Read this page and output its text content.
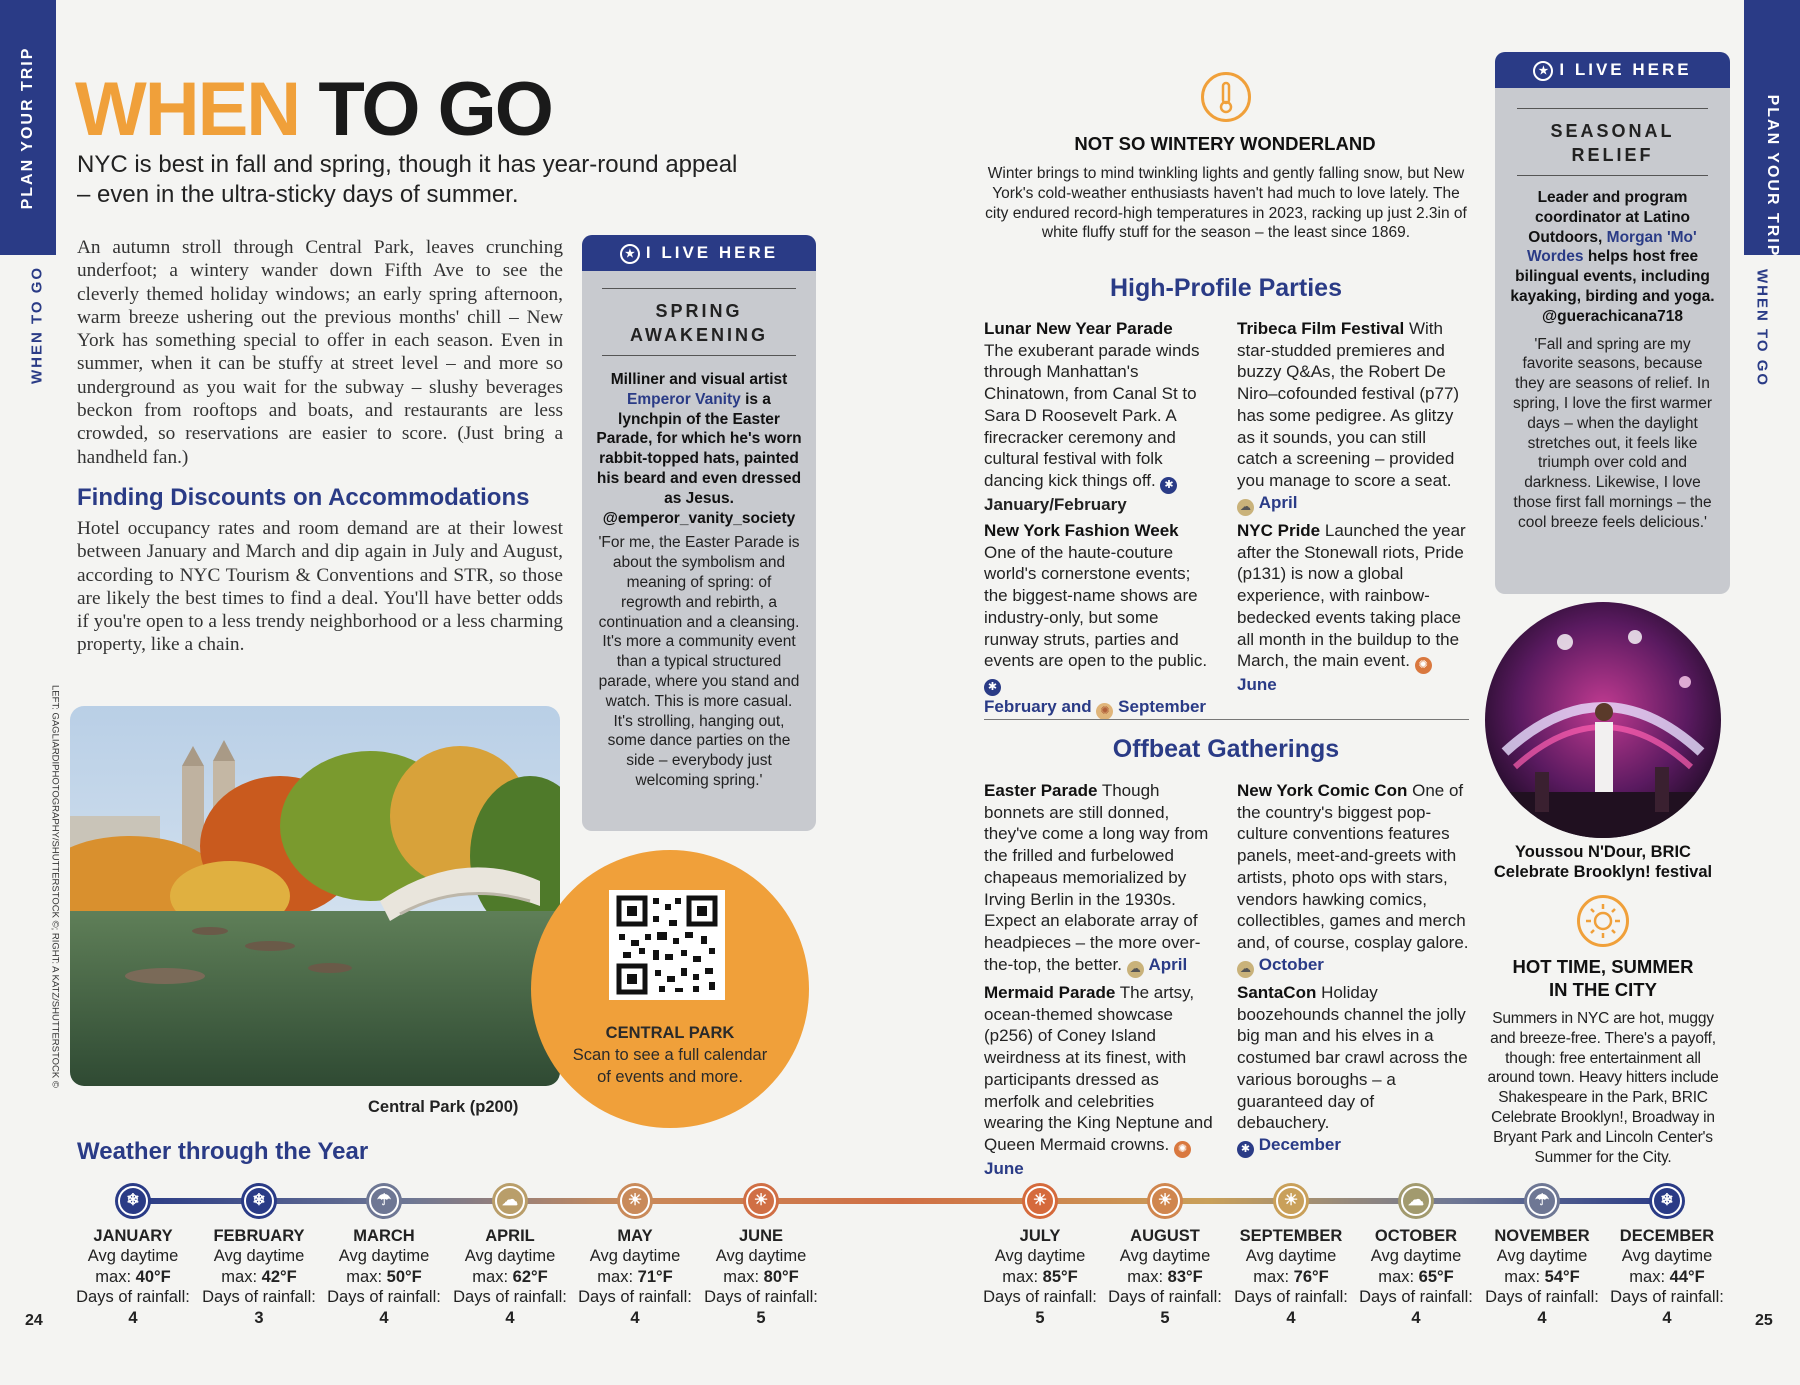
PLAN YOUR TRIP
WHEN TO GO
PLAN YOUR TRIP
WHEN TO GO
WHEN TO GO
NYC is best in fall and spring, though it has year-round appeal – even in the ultra-sticky days of summer.
An autumn stroll through Central Park, leaves crunching underfoot; a wintery wander down Fifth Ave to see the cleverly themed holiday windows; an early spring afternoon, warm breeze ushering out the previous months' chill – New York has something special to offer in each season. Even in summer, when it can be stuffy at street level – and more so underground as you wait for the subway – slushy beverages beckon from rooftops and boats, and restaurants are less crowded, so reservations are easier to score. (Just bring a handheld fan.)
Finding Discounts on Accommodations
Hotel occupancy rates and room demand are at their lowest between January and March and dip again in July and August, according to NYC Tourism & Conventions and STR, so those are likely the best times to find a deal. You'll have better odds if you're open to a less trendy neighborhood or a less charming property, like a chain.
LEFT: GAGLIARDIPHOTOGRAPHY/SHUTTERSTOCK ©; RIGHT: A KATZ/SHUTTERSTOCK ©
Central Park (p200)
CENTRAL PARK
Scan to see a full calendar of events and more.
★ I LIVE HERE
SPRING
AWAKENING
Milliner and visual artist Emperor Vanity is a lynchpin of the Easter Parade, for which he's worn rabbit-topped hats, painted his beard and even dressed as Jesus. @emperor_vanity_society
'For me, the Easter Parade is about the symbolism and meaning of spring: of regrowth and rebirth, a continuation and a cleansing. It's more a community event than a typical structured parade, where you stand and watch. This is more casual. It's strolling, hanging out, some dance parties on the side – everybody just welcoming spring.'
NOT SO WINTERY WONDERLAND
Winter brings to mind twinkling lights and gently falling snow, but New York's cold-weather enthusiasts haven't had much to love lately. The city endured record-high temperatures in 2023, racking up just 2.3in of white fluffy stuff for the season – the least since 1869.
High-Profile Parties

Lunar New Year Parade

The exuberant parade winds through Manhattan's Chinatown, from Canal St to Sara D Roosevelt Park. A firecracker ceremony and cultural festival with folk dancing kick things off. ✱

January/February

Tribeca Film Festival With star-studded premieres and buzzy Q&As, the Robert De Niro–cofounded festival (p77) has some pedigree. As glitzy as it sounds, you can still catch a screening – provided you manage to score a seat.

☁ April

New York Fashion Week

One of the haute-couture world's cornerstone events; the biggest-name shows are industry-only, but some runway struts, parties and events are open to the public. ✱

February and ✺ September

NYC Pride Launched the year after the Stonewall riots, Pride (p131) is now a global experience, with rainbow-bedecked events taking place all month in the buildup to the March, the main event. ✺ June

Offbeat Gatherings

Easter Parade Though bonnets are still donned, they've come a long way from the frilled and furbelowed chapeaus memorialized by Irving Berlin in the 1930s. Expect an elaborate array of headpieces – the more over-the-top, the better. ☁ April

New York Comic Con One of the country's biggest pop-culture conventions features panels, meet-and-greets with artists, photo ops with stars, vendors hawking comics, collectibles, games and merch and, of course, cosplay galore.

☁ October

Mermaid Parade The artsy, ocean-themed showcase (p256) of Coney Island weirdness at its finest, with participants dressed as merfolk and celebrities wearing the King Neptune and Queen Mermaid crowns. ✺ June

SantaCon Holiday boozehounds channel the jolly big man and his elves in a costumed bar crawl across the various boroughs – a guaranteed day of debauchery.

✱ December

★ I LIVE HERE
SEASONAL
RELIEF
Leader and program coordinator at Latino Outdoors, Morgan 'Mo' Wordes helps host free bilingual events, including kayaking, birding and yoga. @guerachicana718
'Fall and spring are my favorite seasons, because they are seasons of relief. In spring, I love the first warmer days – when the daylight stretches out, it feels like triumph over cold and darkness. Likewise, I love those first fall mornings – the cool breeze feels delicious.'
Youssou N'Dour, BRIC Celebrate Brooklyn! festival
HOT TIME, SUMMER
IN THE CITY
Summers in NYC are hot, muggy and breeze-free. There's a payoff, though: free entertainment all around town. Heavy hitters include Shakespeare in the Park, BRIC Celebrate Brooklyn!, Broadway in Bryant Park and Lincoln Center's Summer for the City.
Weather through the Year
❄
JANUARY
Avg daytime
max: 40°F
Days of rainfall:
4
❄
FEBRUARY
Avg daytime
max: 42°F
Days of rainfall:
3
☂
MARCH
Avg daytime
max: 50°F
Days of rainfall:
4
☁
APRIL
Avg daytime
max: 62°F
Days of rainfall:
4
☀
MAY
Avg daytime
max: 71°F
Days of rainfall:
4
☀
JUNE
Avg daytime
max: 80°F
Days of rainfall:
5
☀
JULY
Avg daytime
max: 85°F
Days of rainfall:
5
☀
AUGUST
Avg daytime
max: 83°F
Days of rainfall:
5
☀
SEPTEMBER
Avg daytime
max: 76°F
Days of rainfall:
4
☁
OCTOBER
Avg daytime
max: 65°F
Days of rainfall:
4
☂
NOVEMBER
Avg daytime
max: 54°F
Days of rainfall:
4
❄
DECEMBER
Avg daytime
max: 44°F
Days of rainfall:
4
24	25
